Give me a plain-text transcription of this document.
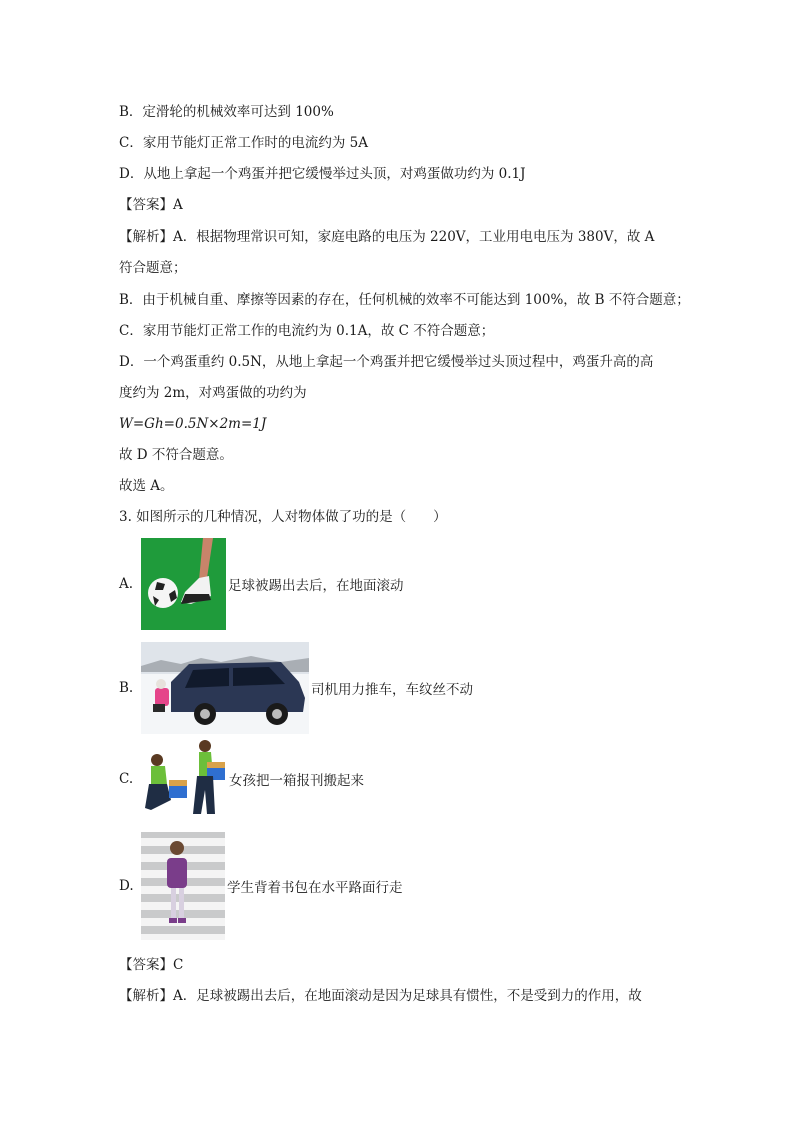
B．定滑轮的机械效率可达到 100%
C．家用节能灯正常工作时的电流约为 5A
D．从地上拿起一个鸡蛋并把它缓慢举过头顶，对鸡蛋做功约为 0.1J
【答案】A
【解析】A．根据物理常识可知，家庭电路的电压为 220V，工业用电电压为 380V，故 A
符合题意；
B．由于机械自重、摩擦等因素的存在，任何机械的效率不可能达到 100%，故 B 不符合题意；
C．家用节能灯正常工作的电流约为 0.1A，故 C 不符合题意；
D．一个鸡蛋重约 0.5N，从地上拿起一个鸡蛋并把它缓慢举过头顶过程中，鸡蛋升高的高
度约为 2m，对鸡蛋做的功约为
W=Gh=0.5N×2m=1J
故 D 不符合题意。
故选 A。
3. 如图所示的几种情况，人对物体做了功的是（　　）
A.	足球被踢出去后，在地面滚动
B.	司机用力推车，车纹丝不动
C.	女孩把一箱报刊搬起来
D.	学生背着书包在水平路面行走
【答案】C
【解析】A．足球被踢出去后，在地面滚动是因为足球具有惯性，不是受到力的作用，故
